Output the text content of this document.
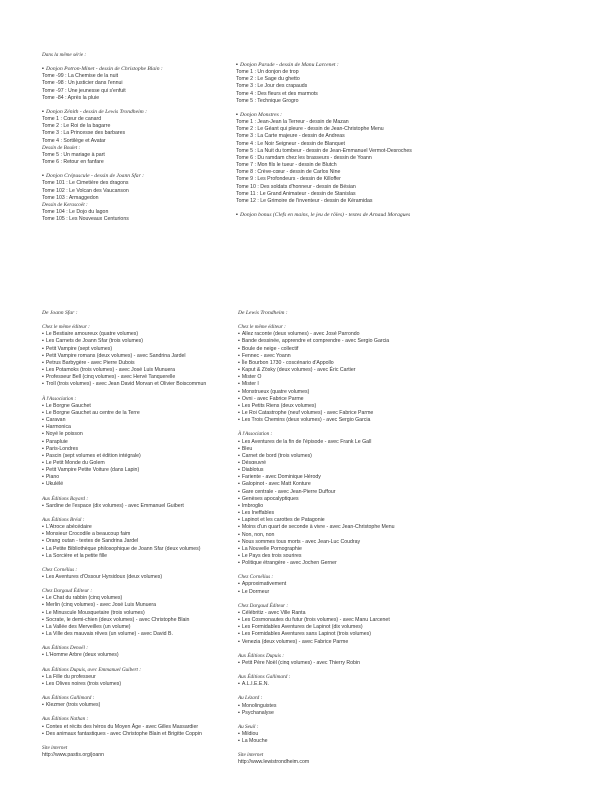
Dans la même série :

▪ Donjon Potron-Minet - dessin de Christophe Blain :

Tome -99 : La Chemise de la nuit

Tome -98 : Un justicier dans l'ennui

Tome -97 : Une jeunesse qui s'enfuit

Tome -84 : Après la pluie

▪ Donjon Zénith - dessin de Lewis Trondheim :

Tome 1 : Cœur de canard

Tome 2 : Le Roi de la bagarre

Tome 3 : La Princesse des barbares

Tome 4 : Sortilège et Avatar

Dessin de Boulet :

Tome 5 : Un mariage à part

Tome 6 : Retour en fanfare

▪ Donjon Crépuscule - dessin de Joann Sfar :

Tome 101 : Le Cimetière des dragons

Tome 102 : Le Volcan des Vaucanson

Tome 103 : Armaggedon

Dessin de Kerascoët :

Tome 104 : Le Dojo du lagon

Tome 105 : Les Nouveaux Centurions

▪ Donjon Parade - dessin de Manu Larcenet :

Tome 1 : Un donjon de trop

Tome 2 : Le Sage du ghetto

Tome 3 : Le Jour des crapauds

Tome 4 : Des fleurs et des marmots

Tome 5 : Technique Grogro

▪ Donjon Monstres :

Tome 1 : Jean-Jean la Terreur - dessin de Mazan

Tome 2 : Le Géant qui pleure - dessin de Jean-Christophe Menu

Tome 3 : La Carte majeure - dessin de Andreas

Tome 4 : Le Noir Seigneur - dessin de Blanquet

Tome 5 : La Nuit du tombeur - dessin de Jean-Emmanuel Vermot-Desroches

Tome 6 : Du ramdam chez les brasseurs - dessin de Yoann

Tome 7 : Mon fils le tueur - dessin de Blutch

Tome 8 : Crève-cœur - dessin de Carlos Nine

Tome 9 : Les Profondeurs - dessin de Killoffer

Tome 10 : Des soldats d'honneur - dessin de Bésian

Tome 11 : Le Grand Animateur - dessin de Stanislas

Tome 12 : Le Grimoire de l'inventeur - dessin de Kéramidas

▪ Donjon bonus (Clefs en mains, le jeu de rôles) - textes de Arnaud Moragues

De Joann Sfar :

Chez le même éditeur :

▪ Le Bestiaire amoureux (quatre volumes)

▪ Les Carnets de Joann Sfar (trois volumes)

▪ Petit Vampire (sept volumes)

▪ Petit Vampire romans (deux volumes) - avec Sandrina Jardel

▪ Petrus Barbygère - avec Pierre Dubois

▪ Les Potamoks (trois volumes) - avec José Luis Munuera

▪ Professeur Bell (cinq volumes) - avec Hervé Tanquerelle

▪ Troll (trois volumes) - avec Jean David Morvan et Olivier Boiscommun

À l'Association :

▪ Le Borgne Gauchet

▪ Le Borgne Gauchet au centre de la Terre

▪ Caravan

▪ Harmonica

▪ Noyé le poisson

▪ Parapluie

▪ Paris-Londres

▪ Pascin (sept volumes et édition intégrale)

▪ Le Petit Monde du Golem

▪ Petit Vampire Petite Voiture (dans Lapin)

▪ Piano

▪ Ukulélé

Aux Éditions Bayard :

▪ Sardine de l'espace (dix volumes) - avec Emmanuel Guibert

Aux Éditions Bréal :

▪ L'Atroce abécédaire

▪ Monsieur Crocodile a beaucoup faim

▪ Orang outan - textes de Sandrina Jardel

▪ La Petite Bibliothèque philosophique de Joann Sfar (deux volumes)

▪ La Sorcière et la petite fille

Chez Cornélius :

▪ Les Aventures d'Ossour Hyrsidoux (deux volumes)

Chez Dargaud Éditeur :

▪ Le Chat du rabbin (cinq volumes)

▪ Merlin (cinq volumes) - avec José Luis Munuera

▪ Le Minuscule Mousquetaire (trois volumes)

▪ Socrate, le demi-chien (deux volumes) - avec Christophe Blain

▪ La Vallée des Merveilles (un volume)

▪ La Ville des mauvais rêves (un volume) - avec David B.

Aux Éditions Denoël :

▪ L'Homme Arbre (deux volumes)

Aux Éditions Dupuis, avec Emmanuel Guibert :

▪ La Fille du professeur

▪ Les Olives noires (trois volumes)

Aux Éditions Gallimard :

▪ Klezmer (trois volumes)

Aux Éditions Nathan :

▪ Contes et récits des héros du Moyen Âge - avec Gilles Massardier

▪ Des animaux fantastiques - avec Christophe Blain et Brigitte Coppin

Site internet

http://www.pastis.org/joann

De Lewis Trondheim :

Chez le même éditeur :

▪ Allez raconte (deux volumes) - avec José Parrondo

▪ Bande dessinée, apprendre et comprendre - avec Sergio Garcia

▪ Boule de neige - collectif

▪ Fennec - avec Yoann

▪ Île Bourbon 1730 - coscénario d'Appollo

▪ Kaput & Zösky (deux volumes) - avec Éric Cartier

▪ Mister O

▪ Mister I

▪ Monstrueux (quatre volumes)

▪ Ovni - avec Fabrice Parme

▪ Les Petits Riens (deux volumes)

▪ Le Roi Catastrophe (neuf volumes) - avec Fabrice Parme

▪ Les Trois Chemins (deux volumes) - avec Sergio Garcia

À l'Association :

▪ Les Aventures de la fin de l'épisode - avec Frank Le Gall

▪ Bleu

▪ Carnet de bord (trois volumes)

▪ Désœuvré

▪ Diablotus

▪ Fariente - avec Dominique Hérody

▪ Galopinot - avec Matt Konture

▪ Gare centrale - avec Jean-Pierre Duffour

▪ Genèses apocalyptiques

▪ Imbroglio

▪ Les Ineffables

▪ Lapinot et les carottes de Patagonie

▪ Moins d'un quart de seconde à vivre - avec Jean-Christophe Menu

▪ Non, non, non

▪ Nous sommes tous morts - avec Jean-Luc Coudray

▪ La Nouvelle Pornographie

▪ Le Pays des trois sourires

▪ Politique étrangère - avec Jochen Gerner

Chez Cornélius :

▪ Approximativement

▪ Le Dormeur

Chez Dargaud Éditeur :

▪ Célébritiz - avec Ville Ranta

▪ Les Cosmonautes du futur (trois volumes) - avec Manu Larcenet

▪ Les Formidables Aventures de Lapinot (dix volumes)

▪ Les Formidables Aventures sans Lapinot (trois volumes)

▪ Venezia (deux volumes) - avec Fabrice Parme

Aux Éditions Dupuis :

▪ Petit Père Noël (cinq volumes) - avec Thierry Robin

Aux Éditions Gallimard :

▪ A.L.I.E.E.N.

Au Lézard :

▪ Monolinguistes

▪ Psychanalyse

Au Seuil :

▪ Mildiou

▪ La Mouche

Site internet

http://www.lewistrondheim.com
